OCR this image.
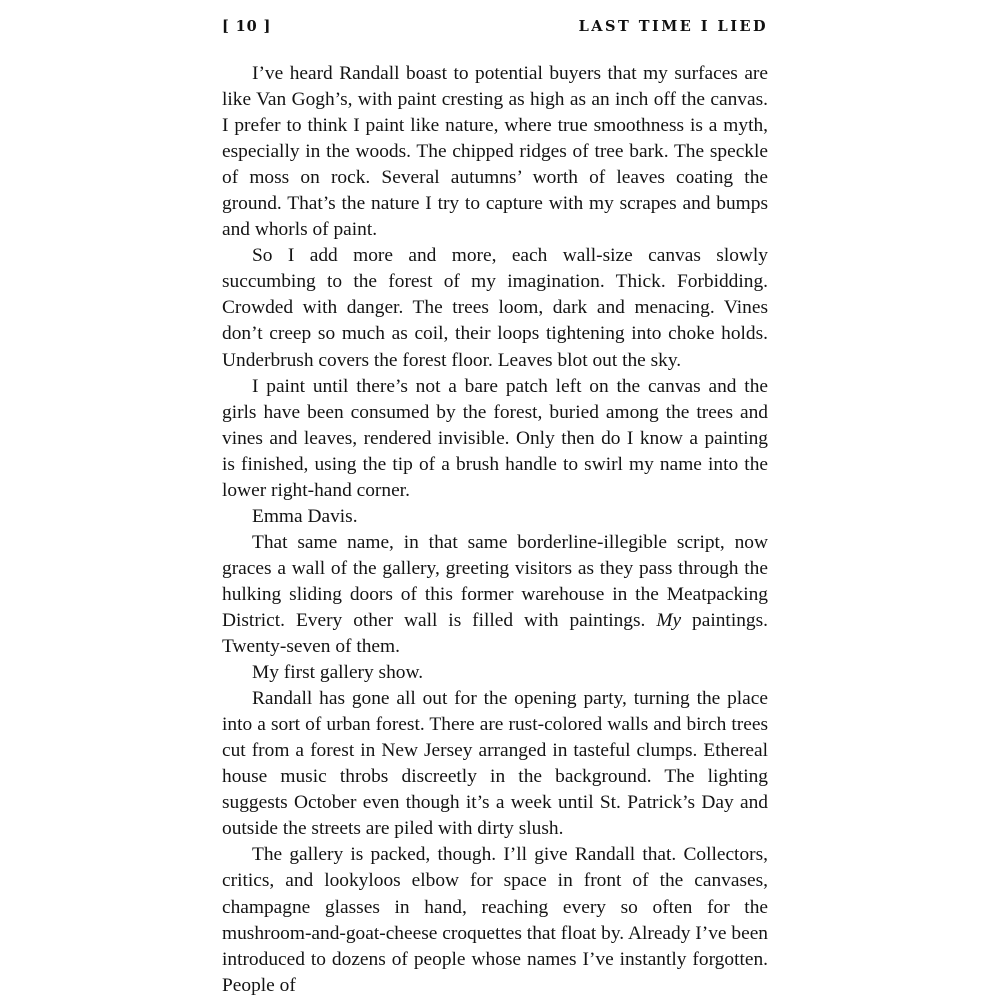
[ 10 ]	LAST TIME I LIED

I’ve heard Randall boast to potential buyers that my surfaces are like Van Gogh’s, with paint cresting as high as an inch off the canvas. I prefer to think I paint like nature, where true smoothness is a myth, especially in the woods. The chipped ridges of tree bark. The speckle of moss on rock. Several autumns’ worth of leaves coating the ground. That’s the nature I try to capture with my scrapes and bumps and whorls of paint.

So I add more and more, each wall-size canvas slowly succumbing to the forest of my imagination. Thick. Forbidding. Crowded with danger. The trees loom, dark and menacing. Vines don’t creep so much as coil, their loops tightening into choke holds. Underbrush covers the forest floor. Leaves blot out the sky.

I paint until there’s not a bare patch left on the canvas and the girls have been consumed by the forest, buried among the trees and vines and leaves, rendered invisible. Only then do I know a painting is finished, using the tip of a brush handle to swirl my name into the lower right-hand corner.

Emma Davis.

That same name, in that same borderline-illegible script, now graces a wall of the gallery, greeting visitors as they pass through the hulking sliding doors of this former warehouse in the Meatpacking District. Every other wall is filled with paintings. My paintings. Twenty-seven of them.

My first gallery show.

Randall has gone all out for the opening party, turning the place into a sort of urban forest. There are rust-colored walls and birch trees cut from a forest in New Jersey arranged in tasteful clumps. Ethereal house music throbs discreetly in the background. The lighting suggests October even though it’s a week until St. Patrick’s Day and outside the streets are piled with dirty slush.

The gallery is packed, though. I’ll give Randall that. Collectors, critics, and lookyloos elbow for space in front of the canvases, champagne glasses in hand, reaching every so often for the mushroom-and-goat-cheese croquettes that float by. Already I’ve been introduced to dozens of people whose names I’ve instantly forgotten. People of
